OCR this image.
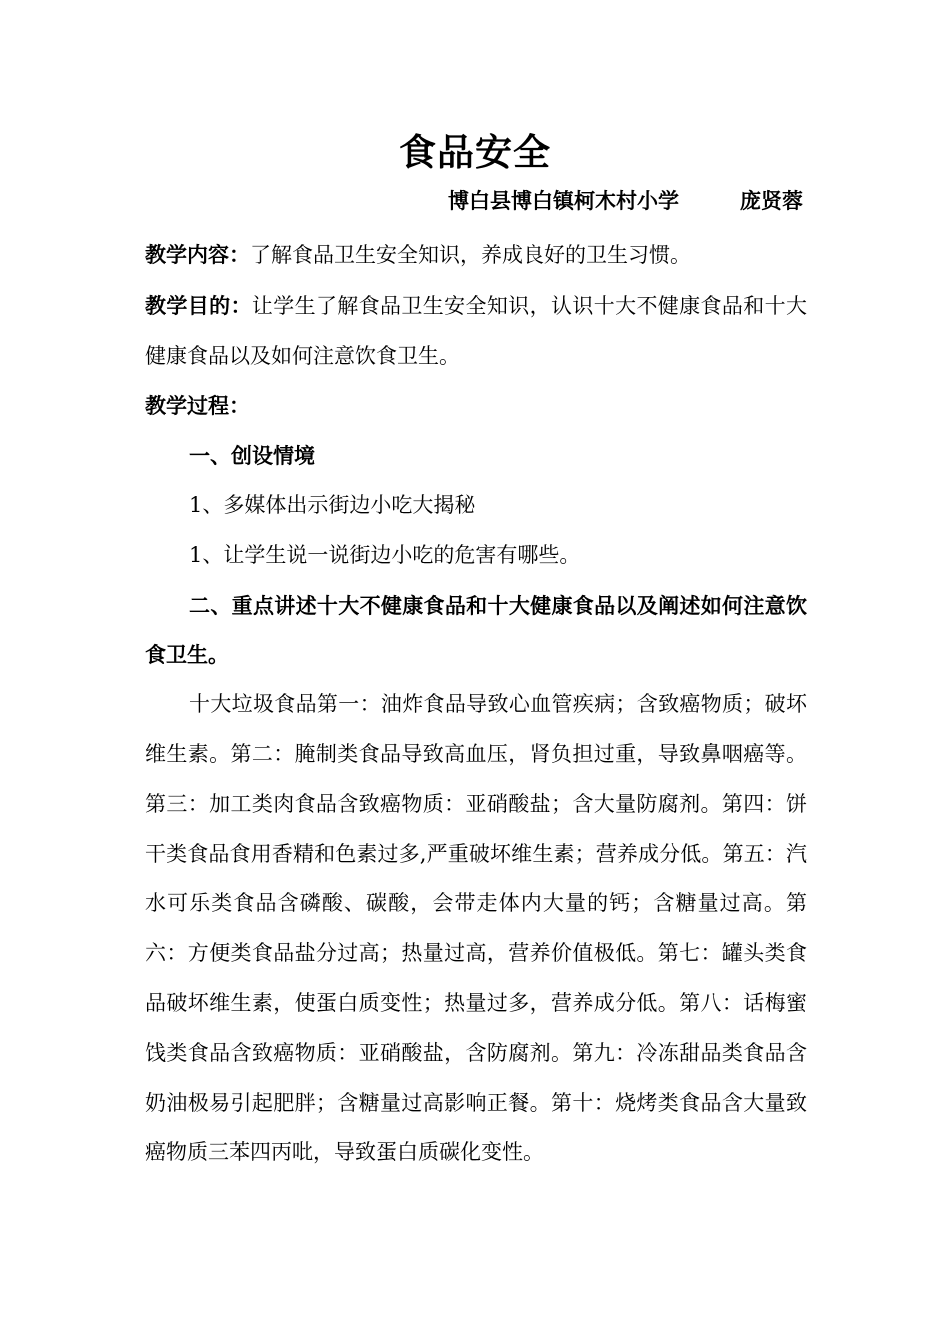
食品安全
博白县博白镇柯木村小学	庞贤蓉

教学内容：了解食品卫生安全知识，养成良好的卫生习惯。

教学目的：让学生了解食品卫生安全知识，认识十大不健康食品和十大健康食品以及如何注意饮食卫生。

教学过程：

一、创设情境

1、多媒体出示街边小吃大揭秘

1、让学生说一说街边小吃的危害有哪些。

二、重点讲述十大不健康食品和十大健康食品以及阐述如何注意饮食卫生。

十大垃圾食品第一：油炸食品导致心血管疾病；含致癌物质；破坏维生素。第二：腌制类食品导致高血压，肾负担过重，导致鼻咽癌等。第三：加工类肉食品含致癌物质：亚硝酸盐；含大量防腐剂。第四：饼干类食品食用香精和色素过多,严重破坏维生素；营养成分低。第五：汽水可乐类食品含磷酸、碳酸，会带走体内大量的钙；含糖量过高。第六：方便类食品盐分过高；热量过高，营养价值极低。第七：罐头类食品破坏维生素，使蛋白质变性；热量过多，营养成分低。第八：话梅蜜饯类食品含致癌物质：亚硝酸盐，含防腐剂。第九：冷冻甜品类食品含奶油极易引起肥胖；含糖量过高影响正餐。第十：烧烤类食品含大量致癌物质三苯四丙吡，导致蛋白质碳化变性。
